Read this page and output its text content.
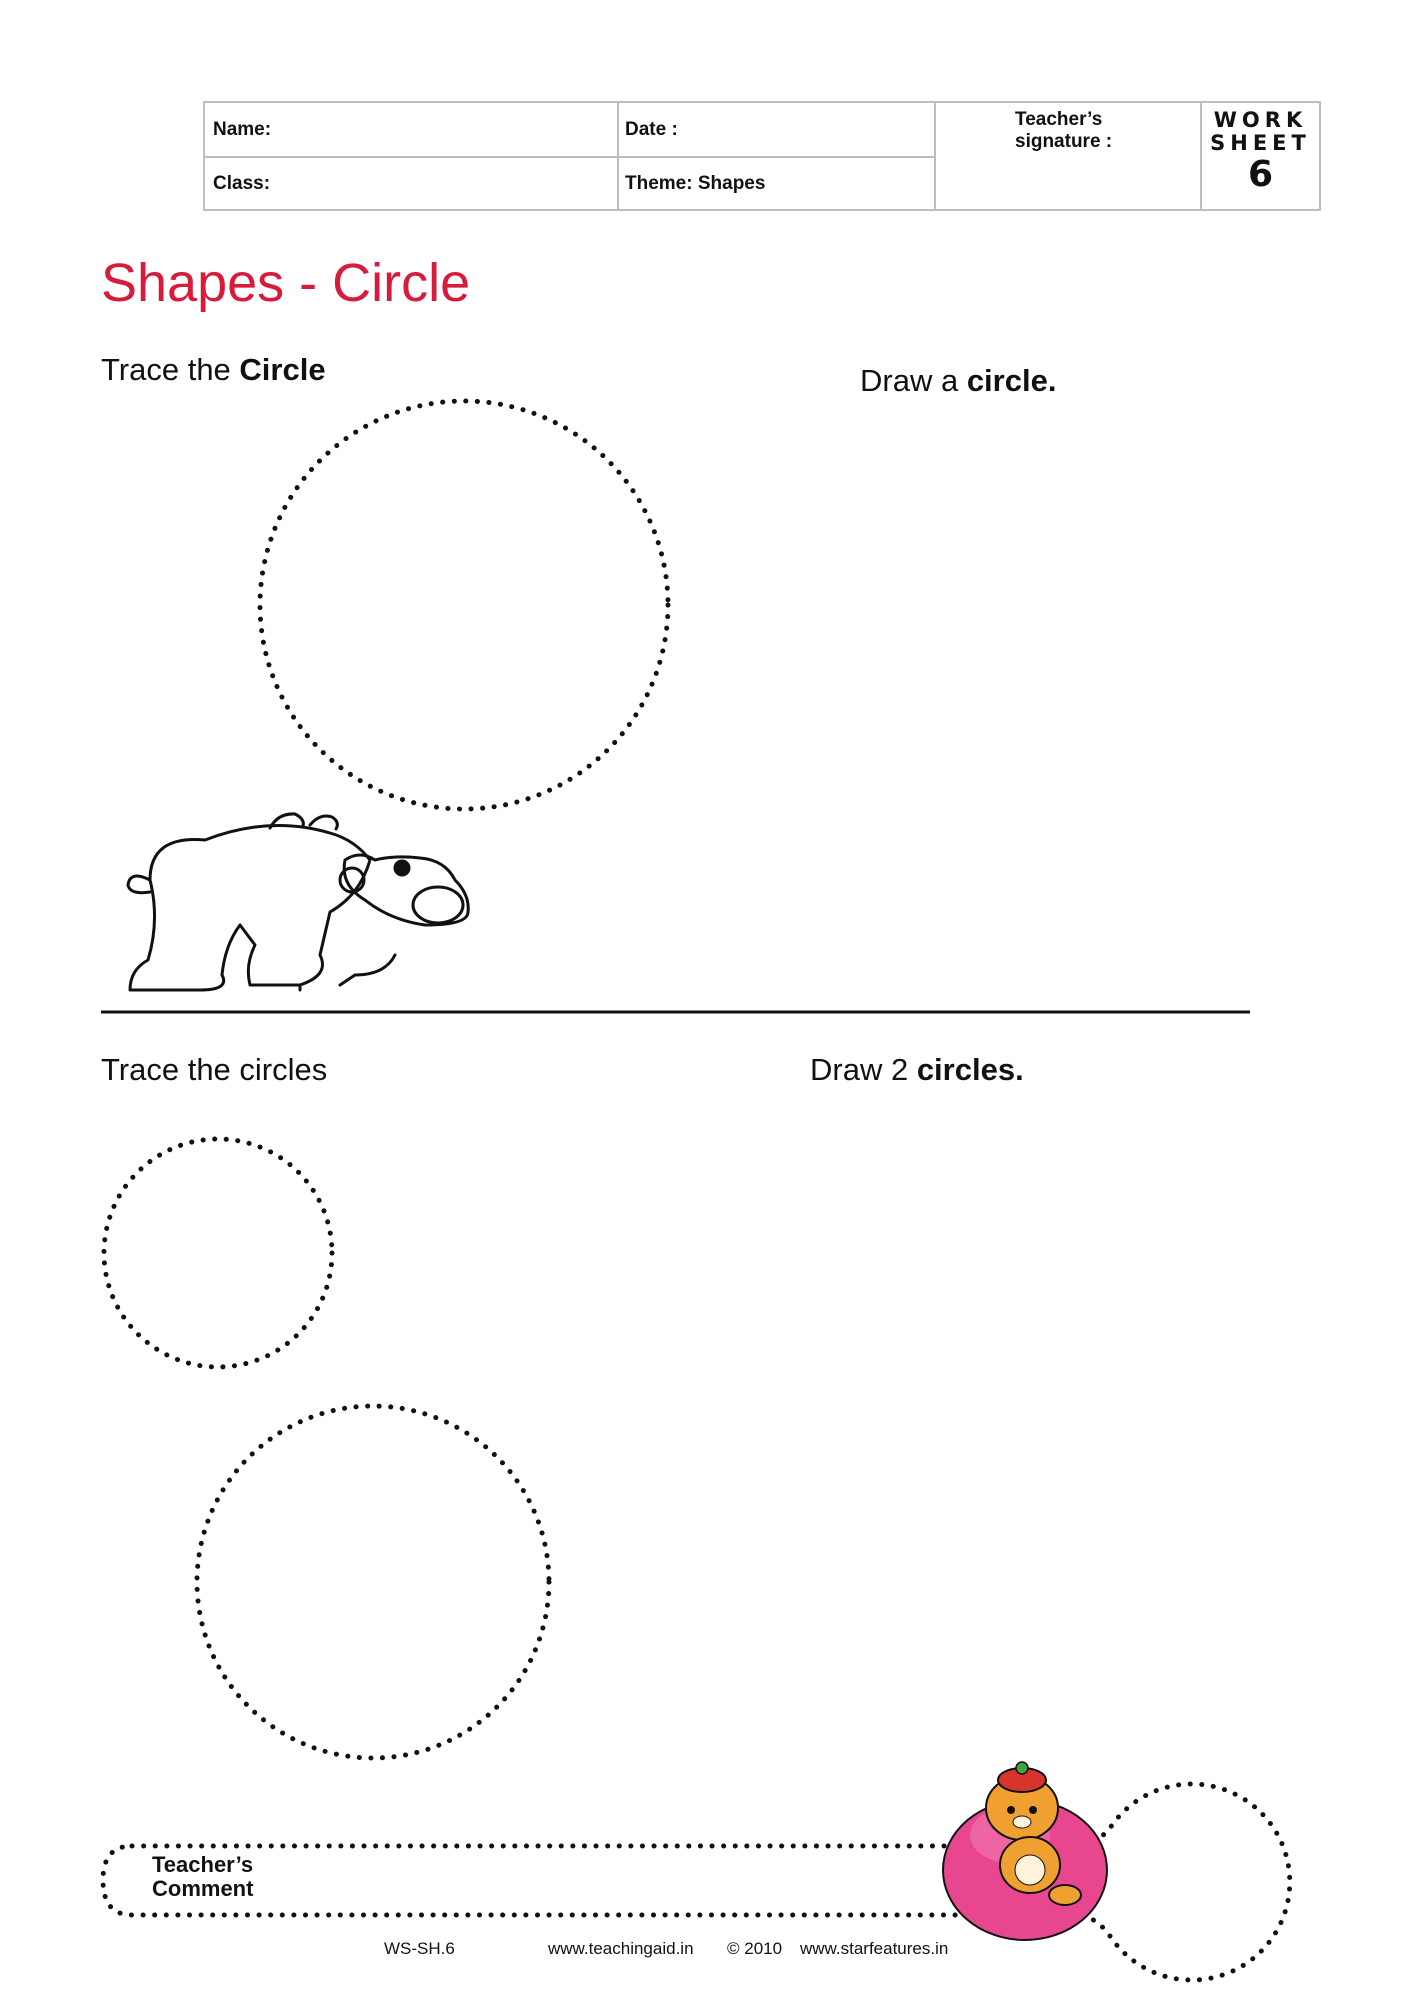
Name:	Date :
Class:	Theme: Shapes
Teacher’s
signature :
WORK
SHEET
6
Shapes - Circle
Trace the Circle	Draw a circle.
Trace the circles	Draw 2 circles.
Teacher’s
Comment
WS-SH.6	www.teachingaid.in © 2010 www.starfeatures.in
